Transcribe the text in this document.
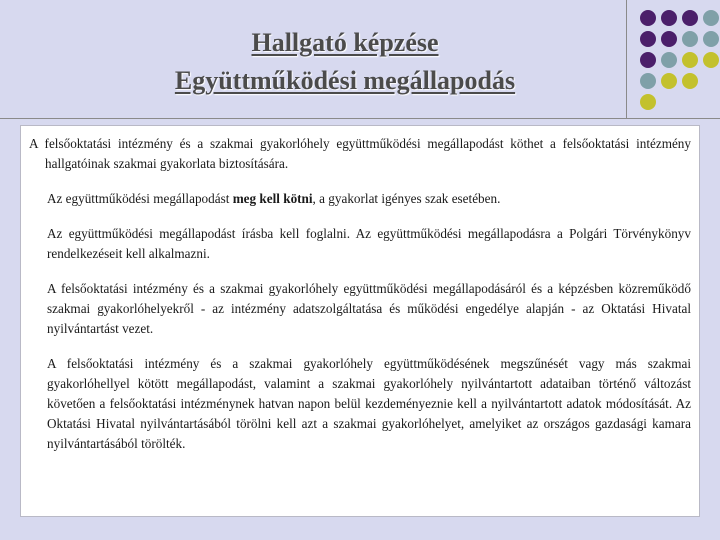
Hallgató képzése
Együttműködési megállapodás

A felsőoktatási intézmény és a szakmai gyakorlóhely együttműködési megállapodást köthet a felsőoktatási intézmény hallgatóinak szakmai gyakorlata biztosítására.

Az együttműködési megállapodást meg kell kötni, a gyakorlat igényes szak esetében.

Az együttműködési megállapodást írásba kell foglalni. Az együttműködési megállapodásra a Polgári Törvénykönyv rendelkezéseit kell alkalmazni.

A felsőoktatási intézmény és a szakmai gyakorlóhely együttműködési megállapodásáról és a képzésben közreműködő szakmai gyakorlóhelyekről - az intézmény adatszolgáltatása és működési engedélye alapján - az Oktatási Hivatal nyilvántartást vezet.

A felsőoktatási intézmény és a szakmai gyakorlóhely együttműködésének megszűnését vagy más szakmai gyakorlóhellyel kötött megállapodást, valamint a szakmai gyakorlóhely nyilvántartott adataiban történő változást követően a felsőoktatási intézménynek hatvan napon belül kezdeményeznie kell a nyilvántartott adatok módosítását. Az Oktatási Hivatal nyilvántartásából törölni kell azt a szakmai gyakorlóhelyet, amelyiket az országos gazdasági kamara nyilvántartásából törölték.
